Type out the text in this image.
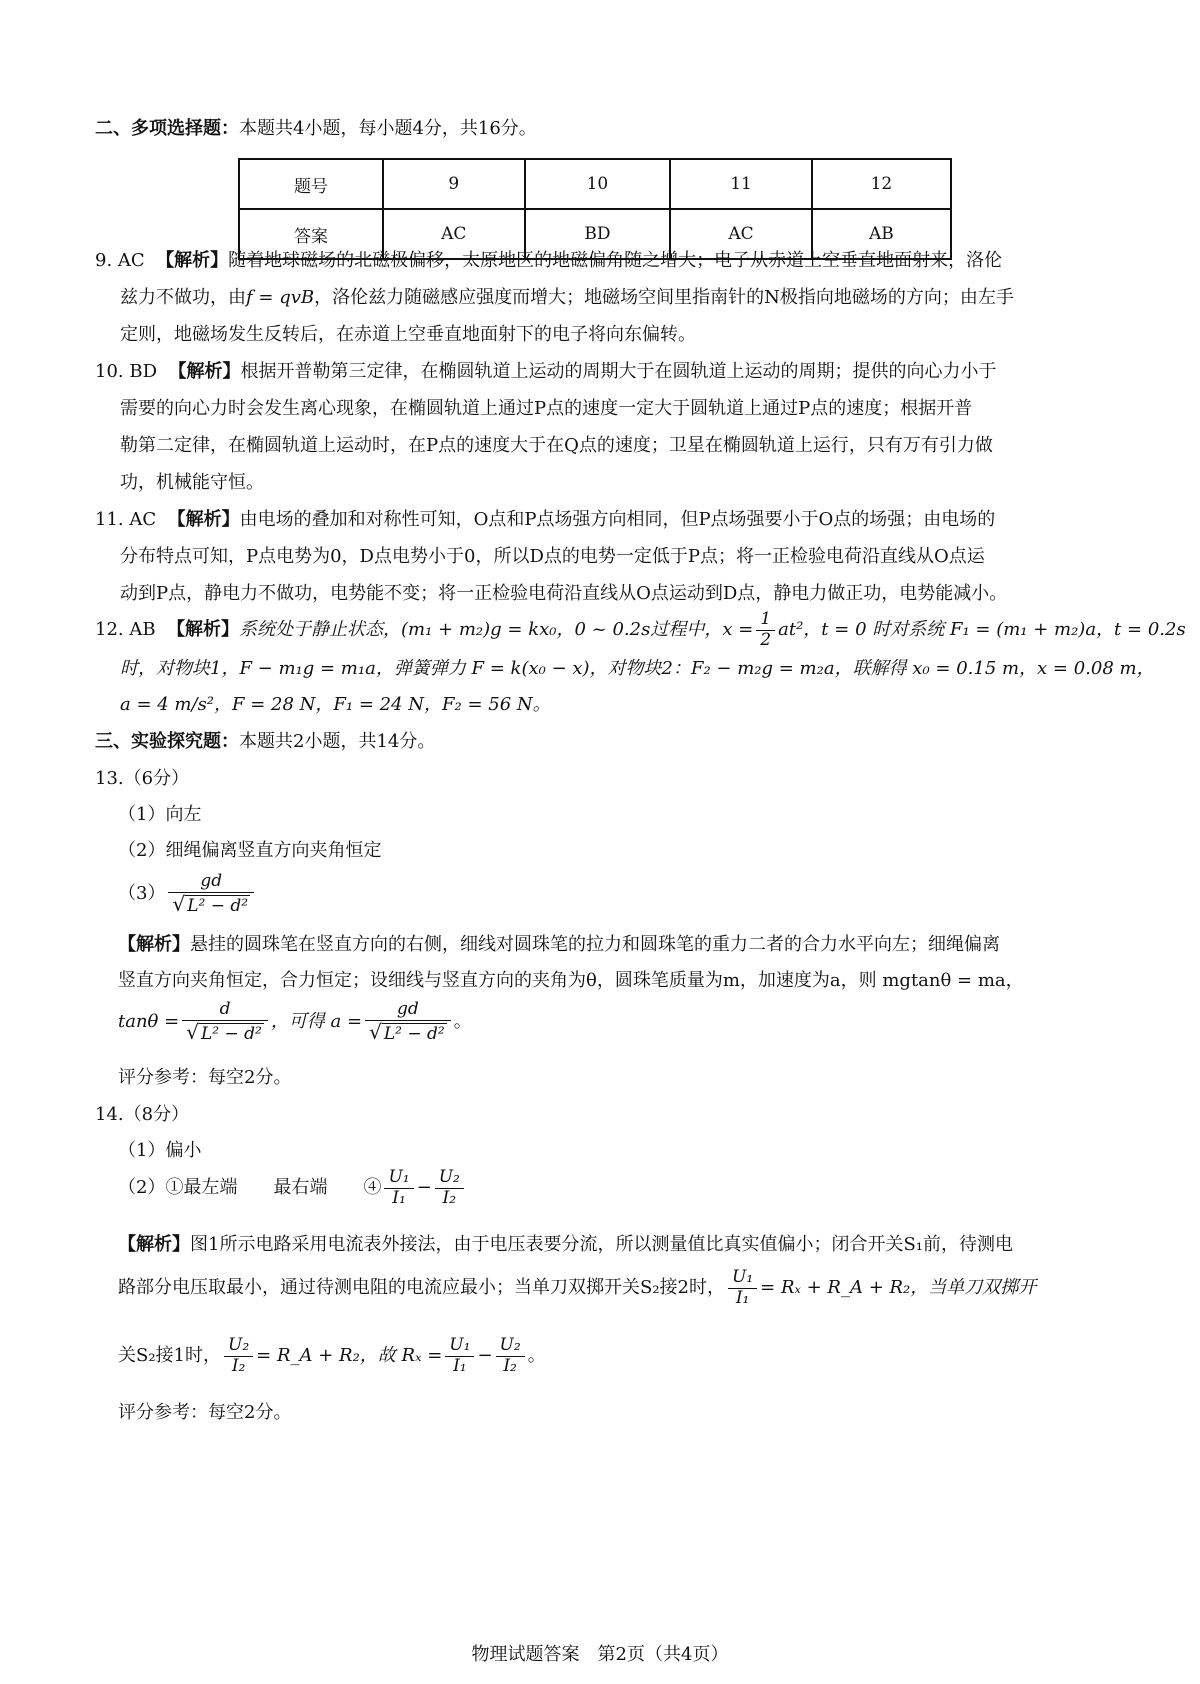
二、多项选择题：本题共4小题，每小题4分，共16分。
题号	9	10	11	12
答案	AC	BD	AC	AB
9. AC 【解析】随着地球磁场的北磁极偏移，太原地区的地磁偏角随之增大；电子从赤道上空垂直地面射来，洛伦
兹力不做功，由f = qvB，洛伦兹力随磁感应强度而增大；地磁场空间里指南针的N极指向地磁场的方向；由左手
定则，地磁场发生反转后，在赤道上空垂直地面射下的电子将向东偏转。
10. BD 【解析】根据开普勒第三定律，在椭圆轨道上运动的周期大于在圆轨道上运动的周期；提供的向心力小于
需要的向心力时会发生离心现象，在椭圆轨道上通过P点的速度一定大于圆轨道上通过P点的速度；根据开普
勒第二定律，在椭圆轨道上运动时，在P点的速度大于在Q点的速度；卫星在椭圆轨道上运行，只有万有引力做
功，机械能守恒。
11. AC 【解析】由电场的叠加和对称性可知，O点和P点场强方向相同，但P点场强要小于O点的场强；由电场的
分布特点可知，P点电势为0，D点电势小于0，所以D点的电势一定低于P点；将一正检验电荷沿直线从O点运
动到P点，静电力不做功，电势能不变；将一正检验电荷沿直线从O点运动到D点，静电力做正功，电势能减小。
12. AB 【解析】系统处于静止状态，(m₁ + m₂)g = kx₀，0 ~ 0.2s过程中，$x = \frac{1}{2} at^2$，t = 0 时对系统 F₁ = (m₁ + m₂)a，t = 0.2s
时，对物块1，F − m₁g = m₁a，弹簧弹力 F = k(x₀ − x)，对物块2：F₂ − m₂g = m₂a，联解得 x₀ = 0.15 m，x = 0.08 m，
a = 4 m/s²，F = 28 N，F₁ = 24 N，F₂ = 56 N。
三、实验探究题：本题共2小题，共14分。
13.（6分）
（1）向左
（2）细绳偏离竖直方向夹角恒定
$(3) \frac{gd}{\text{√ L² − d²}}$
【解析】悬挂的圆珠笔在竖直方向的右侧，细线对圆珠笔的拉力和圆珠笔的重力二者的合力水平向左；细绳偏离
竖直方向夹角恒定，合力恒定；设细线与竖直方向的夹角为θ，圆珠笔质量为m，加速度为a，则 mgtanθ = ma，
$\tan\theta = \frac{d}{\text{√ L² − d²}}$ ，可得 $a = \frac{gd}{\text{√ L² − d²}}$ 。
评分参考：每空2分。
14.（8分）
（1）偏小
（2）①最左端   最右端   ④ $\frac{\text{U₁}}{\text{I₁}} - \frac{\text{U₂}}{\text{I₂}}$
【解析】图1所示电路采用电流表外接法，由于电压表要分流，所以测量值比真实值偏小；闭合开关S₁前，待测电
路部分电压取最小，通过待测电阻的电流应最小；当单刀双掷开关S₂接2时， $\frac{\text{U₁}}{\text{I₁}} = R_x$ + R_A + R₂，当单刀双掷开
关S₂接1时， $\frac{\text{U₂}}{\text{I₂}}$ = R_A + R₂，故 $R_x = \frac{\text{U₁}}{\text{I₁}} - \frac{\text{U₂}}{\text{I₂}}$ 。
评分参考：每空2分。
物理试题答案　第2页（共4页）
